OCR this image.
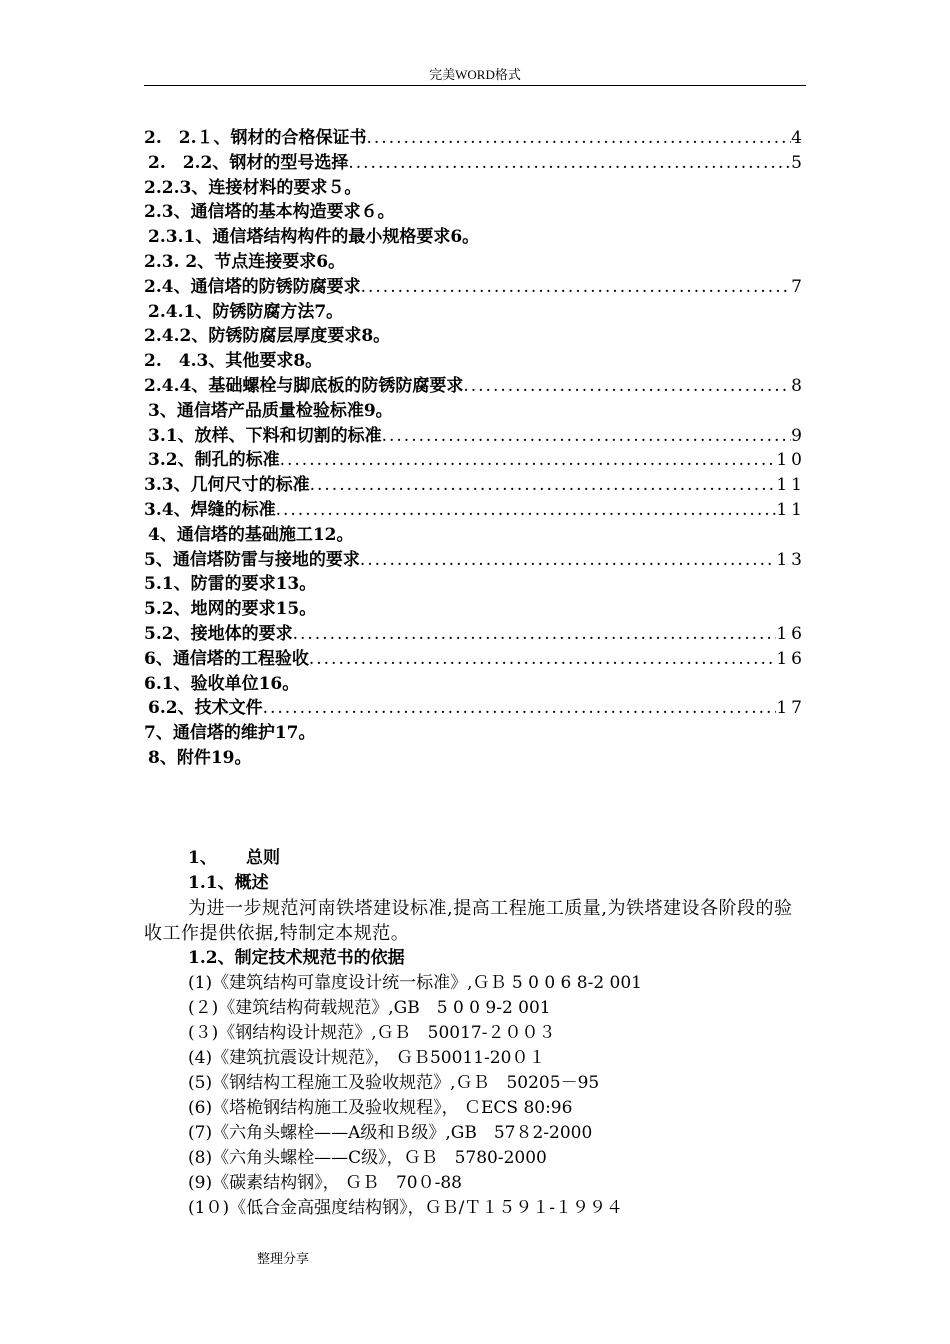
完美WORD格式
2.　2.１、钢材的合格保证书 .....	4
2.　2.2、钢材的型号选择 .....	5
2.2.3、连接材料的要求５。
2.3、通信塔的基本构造要求６。
2.3.1、通信塔结构构件的最小规格要求6。
2.3. 2、节点连接要求6。
2.4、通信塔的防锈防腐要求 .....	7
2.4.1、防锈防腐方法7。
2.4.2、防锈防腐层厚度要求8。
2.　4.3、其他要求8。
2.4.4、基础螺栓与脚底板的防锈防腐要求 .....	8
3、通信塔产品质量检验标准9。
3.1、放样、下料和切割的标准 .....	9
3.2、制孔的标准 .....	10
3.3、几何尺寸的标准 .....	11
3.4、焊缝的标准 .....	11
4、通信塔的基础施工12。
5、通信塔防雷与接地的要求 .....	13
5.1、防雷的要求13。
5.2、地网的要求15。
5.2、接地体的要求 .....	16
6、通信塔的工程验收 .....	16
6.1、验收单位16。
6.2、技术文件 .....	17
7、通信塔的维护17。
8、附件19。
1、 总则
1.1、概述
为进一步规范河南铁塔建设标准,提高工程施工质量,为铁塔建设各阶段的验收工作提供依据,特制定本规范。
1.2、制定技术规范书的依据
(1)《建筑结构可靠度设计统一标准》,ＧＢ 5 0 0 6 8-2 001
(２)《建筑结构荷载规范》,GB　5 0 0 9-2 001
(３)《钢结构设计规范》,ＧＢ　50017-２００３
(4)《建筑抗震设计规范》， ＧＢ50011-20０１
(5)《钢结构工程施工及验收规范》,ＧＢ　50205－95
(6)《塔桅钢结构施工及验收规程》， ＣECS 80:96
(7)《六角头螺栓——A级和Ｂ级》,GB　57８2-2000
(8)《六角头螺栓——C级》，ＧＢ　5780-2000
(9)《碳素结构钢》， ＧＢ　70０-88
(1０)《低合金高强度结构钢》，ＧＢ/Ｔ１５９１-１９９４
整理分享
